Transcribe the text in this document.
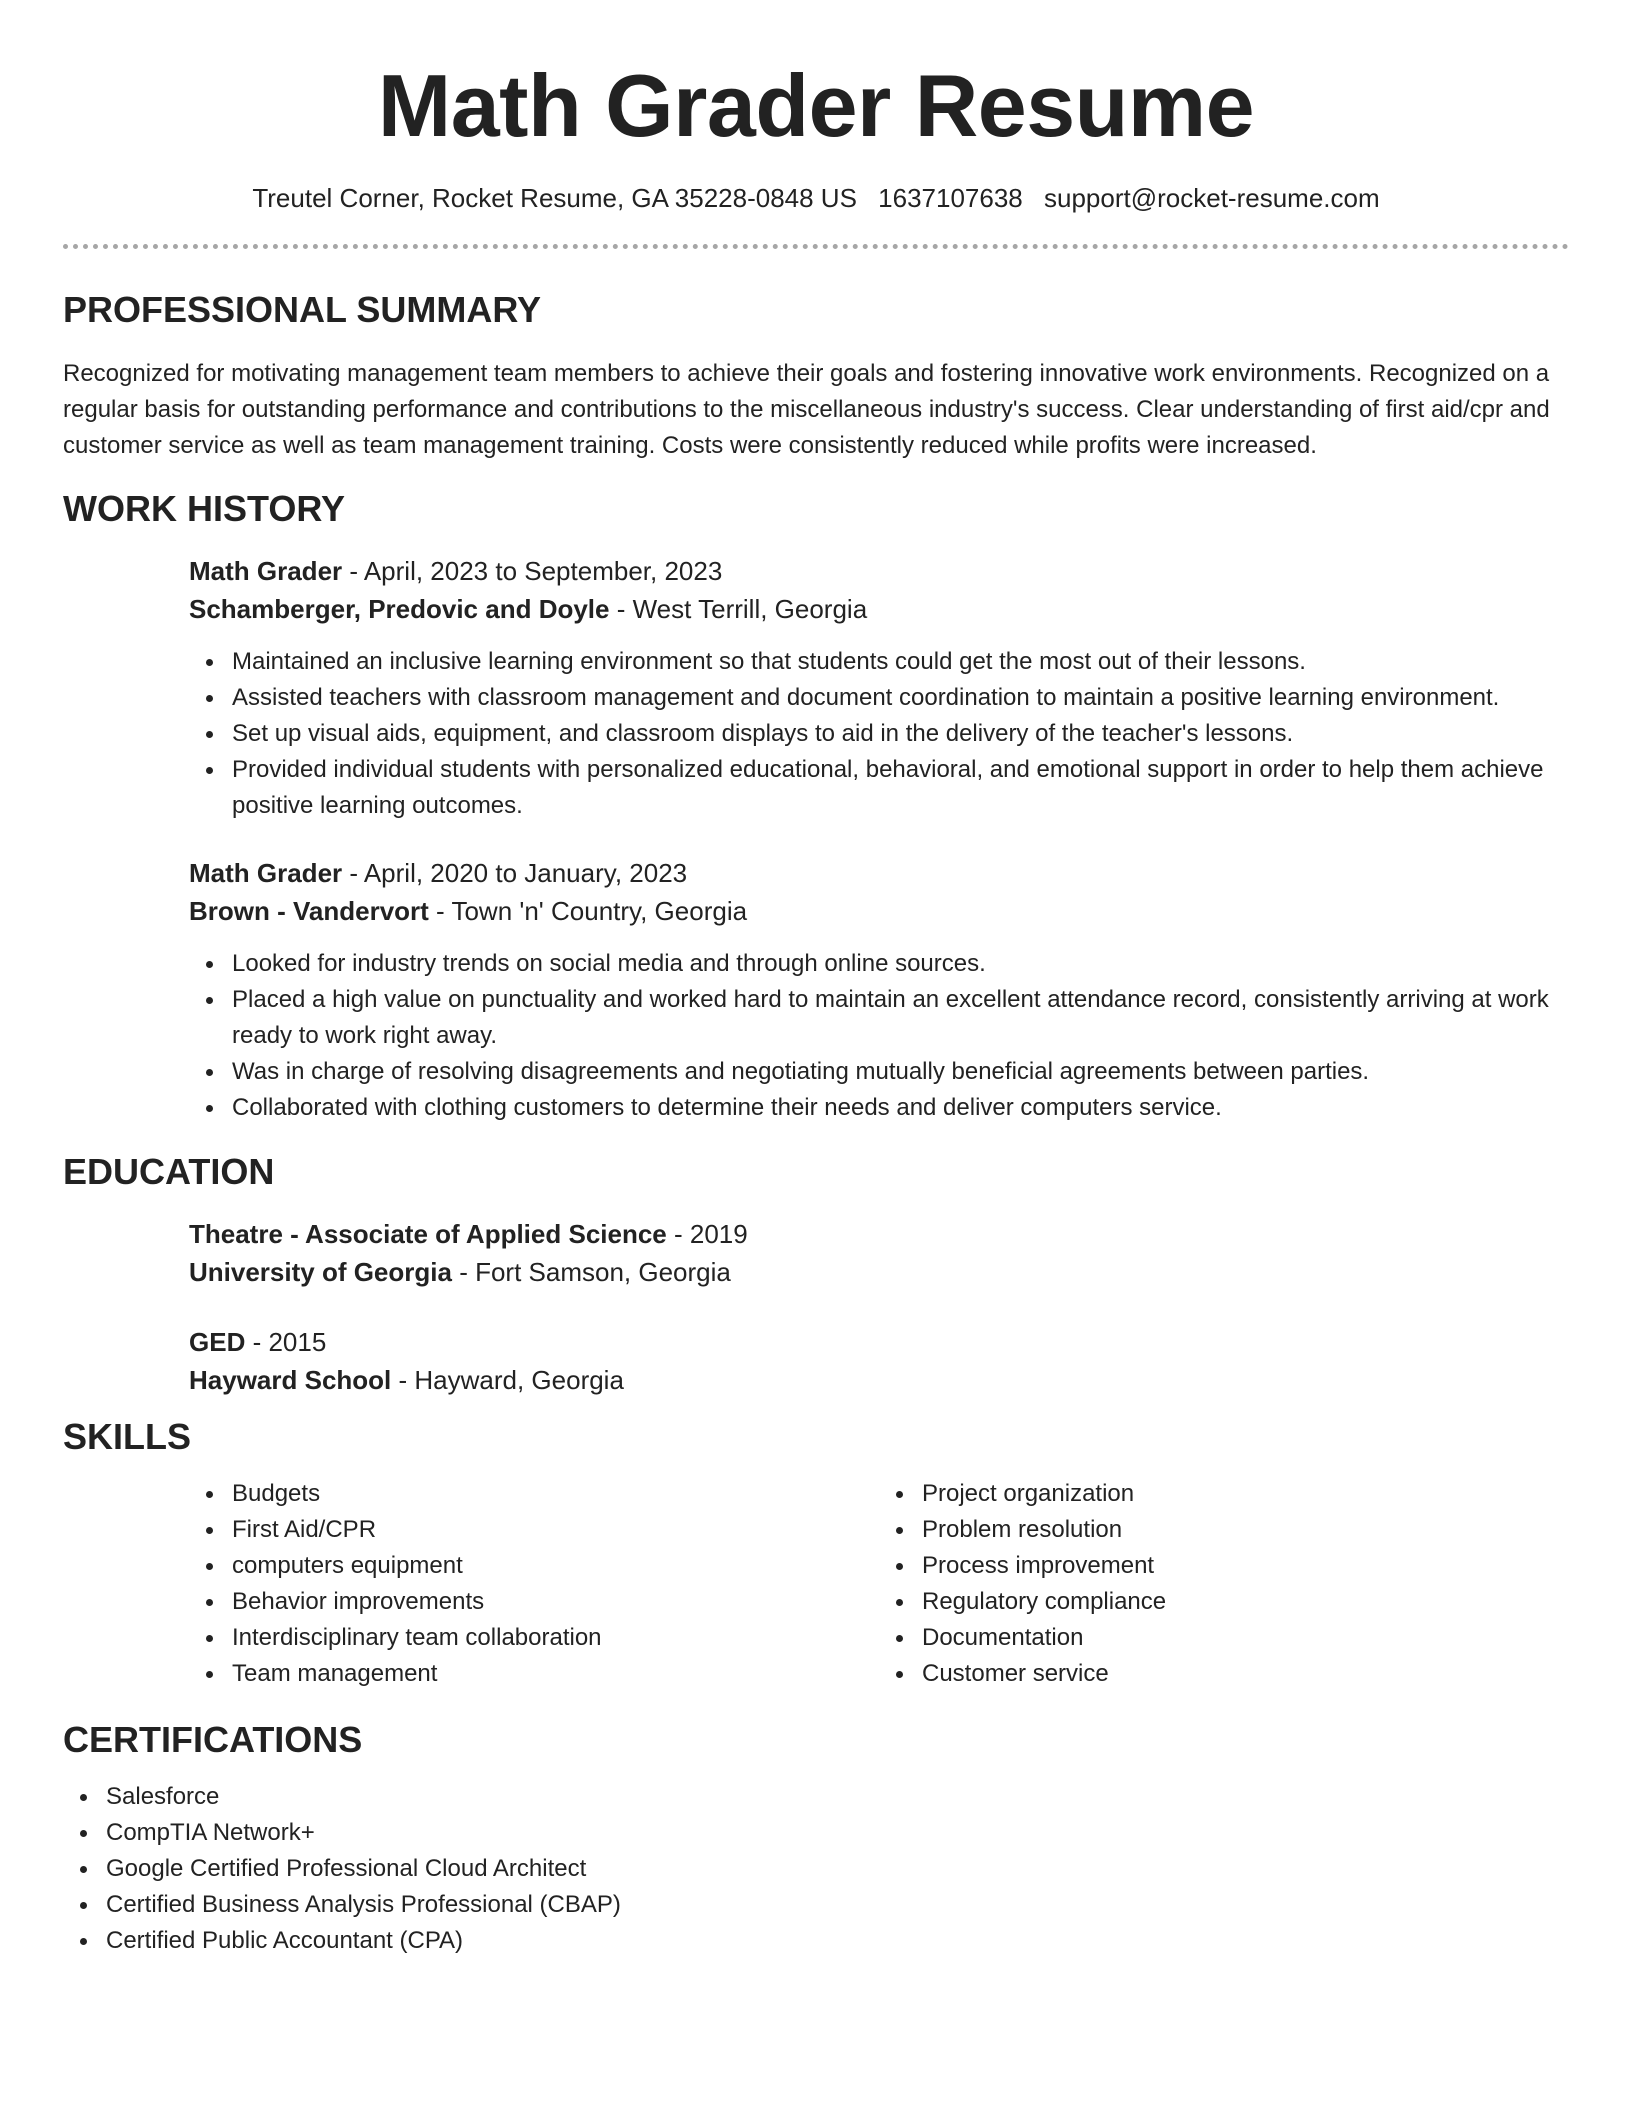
Math Grader Resume
Treutel Corner, Rocket Resume, GA 35228-0848 US 1637107638 support@rocket-resume.com
PROFESSIONAL SUMMARY

Recognized for motivating management team members to achieve their goals and fostering innovative work environments. Recognized on a regular basis for outstanding performance and contributions to the miscellaneous industry's success. Clear understanding of first aid/cpr and customer service as well as team management training. Costs were consistently reduced while profits were increased.

WORK HISTORY

Math Grader - April, 2023 to September, 2023

Schamberger, Predovic and Doyle - West Terrill, Georgia

Maintained an inclusive learning environment so that students could get the most out of their lessons.
Assisted teachers with classroom management and document coordination to maintain a positive learning environment.
Set up visual aids, equipment, and classroom displays to aid in the delivery of the teacher's lessons.
Provided individual students with personalized educational, behavioral, and emotional support in order to help them achieve positive learning outcomes.

Math Grader - April, 2020 to January, 2023

Brown - Vandervort - Town 'n' Country, Georgia

Looked for industry trends on social media and through online sources.
Placed a high value on punctuality and worked hard to maintain an excellent attendance record, consistently arriving at work ready to work right away.
Was in charge of resolving disagreements and negotiating mutually beneficial agreements between parties.
Collaborated with clothing customers to determine their needs and deliver computers service.
EDUCATION

Theatre - Associate of Applied Science - 2019

University of Georgia - Fort Samson, Georgia

GED - 2015

Hayward School - Hayward, Georgia

SKILLS
Budgets
First Aid/CPR
computers equipment
Behavior improvements
Interdisciplinary team collaboration
Team management
Project organization
Problem resolution
Process improvement
Regulatory compliance
Documentation
Customer service
CERTIFICATIONS
Salesforce
CompTIA Network+
Google Certified Professional Cloud Architect
Certified Business Analysis Professional (CBAP)
Certified Public Accountant (CPA)
